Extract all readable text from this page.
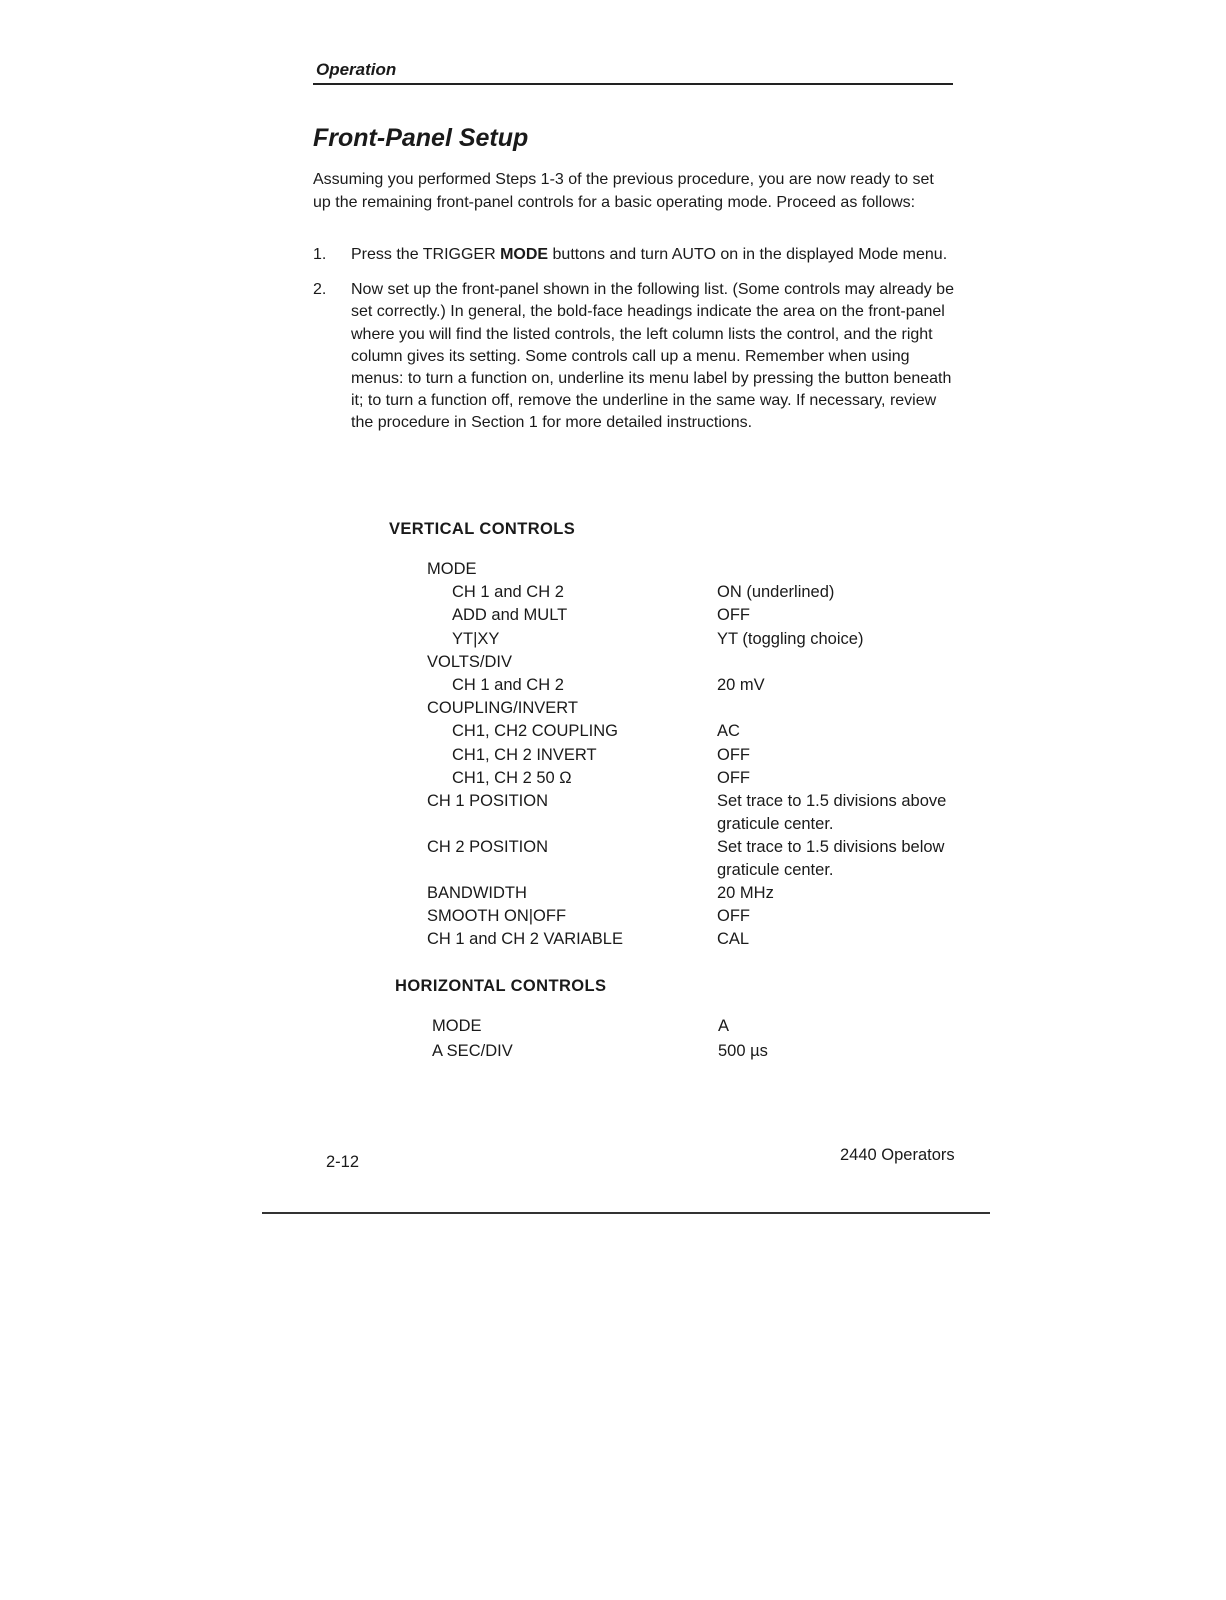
Operation
Front-Panel Setup

Assuming you performed Steps 1-3 of the previous procedure, you are now ready to set up the remaining front-panel controls for a basic operating mode. Proceed as follows:

1.	Press the TRIGGER MODE buttons and turn AUTO on in the displayed Mode menu.
2.	Now set up the front-panel shown in the following list. (Some controls may already be set correctly.) In general, the bold-face headings indicate the area on the front-panel where you will find the listed controls, the left column lists the control, and the right column gives its setting. Some controls call up a menu. Remember when using menus: to turn a function on, underline its menu label by pressing the button beneath it; to turn a function off, remove the underline in the same way. If necessary, review the procedure in Section 1 for more detailed instructions.
VERTICAL CONTROLS
MODE
CH 1 and CH 2	ON (underlined)
ADD and MULT	OFF
YT|XY	YT (toggling choice)
VOLTS/DIV
CH 1 and CH 2	20 mV
COUPLING/INVERT
CH1, CH2 COUPLING	AC
CH1, CH 2 INVERT	OFF
CH1, CH 2 50 Ω	OFF
CH 1 POSITION	Set trace to 1.5 divisions above graticule center.
CH 2 POSITION	Set trace to 1.5 divisions below graticule center.
BANDWIDTH	20 MHz
SMOOTH ON|OFF	OFF
CH 1 and CH 2 VARIABLE	CAL
HORIZONTAL CONTROLS
MODE	A
A SEC/DIV	500 µs
2-12	2440 Operators
